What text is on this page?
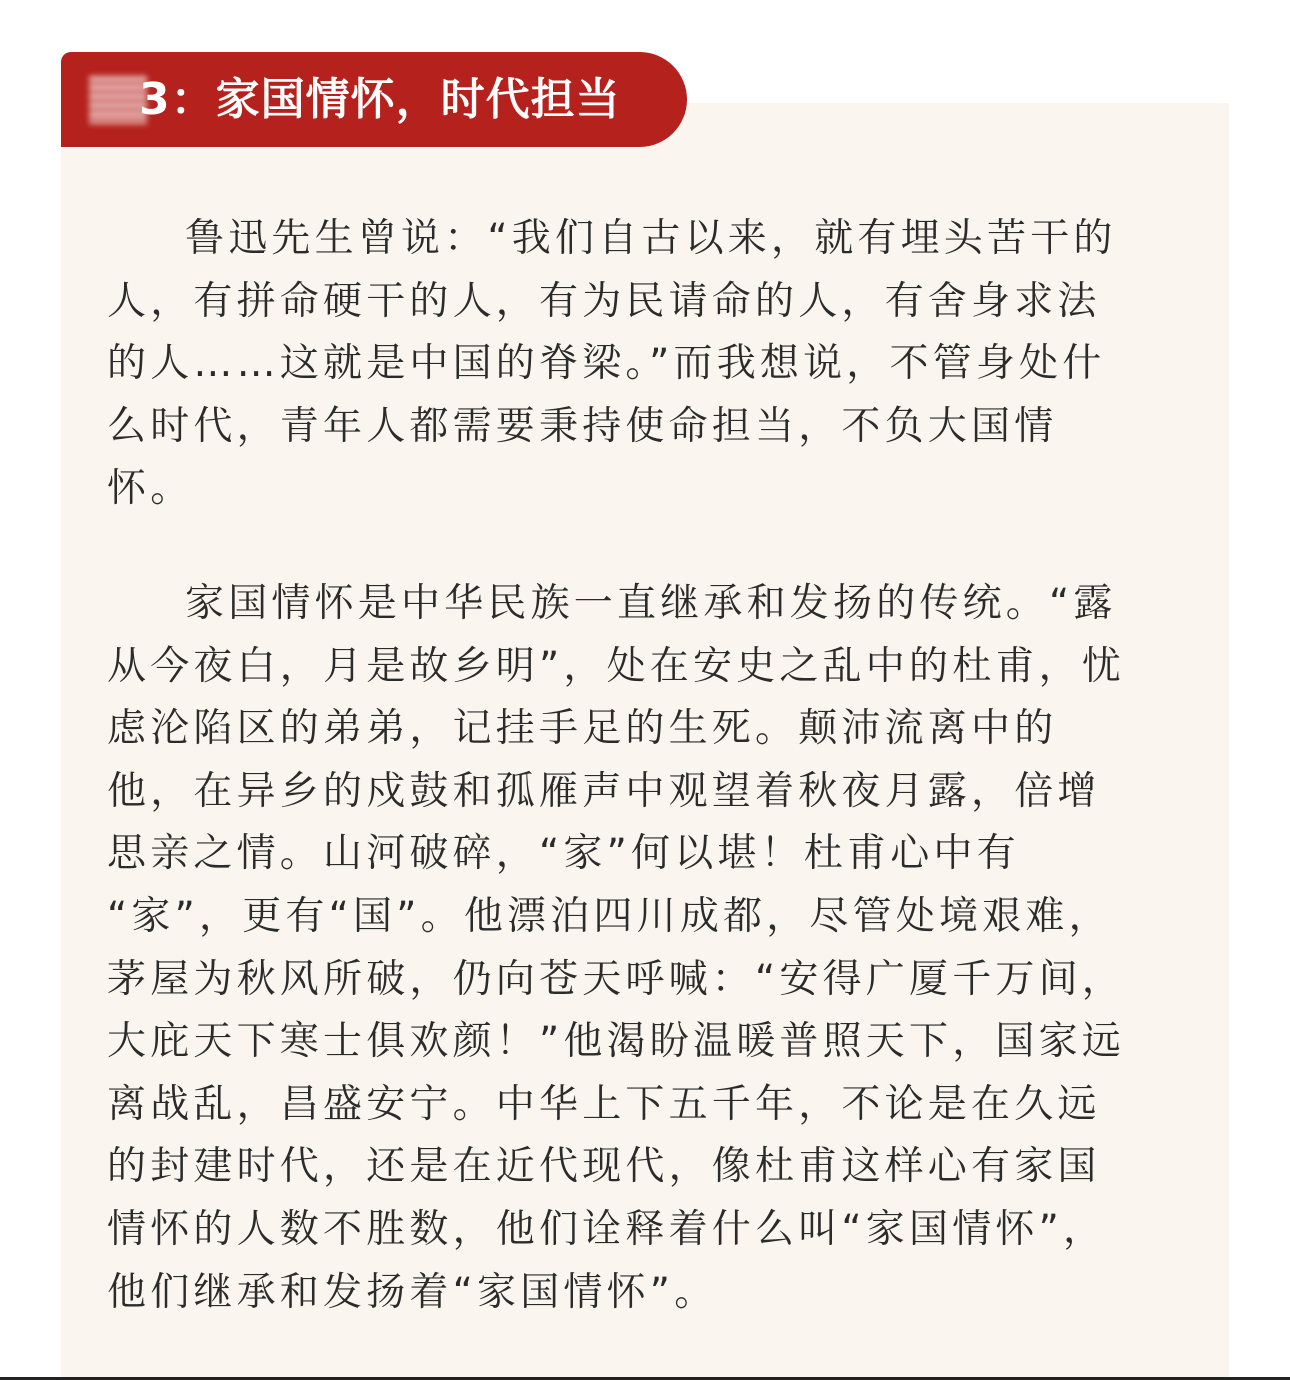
3：家国情怀，时代担当

鲁迅先生曾说：“我们自古以来，就有埋头苦干的
人，有拼命硬干的人，有为民请命的人，有舍身求法
的人……这就是中国的脊梁。”而我想说，不管身处什
么时代，青年人都需要秉持使命担当，不负大国情
怀。

家国情怀是中华民族一直继承和发扬的传统。“露
从今夜白，月是故乡明”，处在安史之乱中的杜甫，忧
虑沦陷区的弟弟，记挂手足的生死。颠沛流离中的
他，在异乡的戍鼓和孤雁声中观望着秋夜月露，倍增
思亲之情。山河破碎，“家”何以堪！杜甫心中有
“家”，更有“国”。他漂泊四川成都，尽管处境艰难，
茅屋为秋风所破，仍向苍天呼喊：“安得广厦千万间，
大庇天下寒士俱欢颜！”他渴盼温暖普照天下，国家远
离战乱，昌盛安宁。中华上下五千年，不论是在久远
的封建时代，还是在近代现代，像杜甫这样心有家国
情怀的人数不胜数，他们诠释着什么叫“家国情怀”，
他们继承和发扬着“家国情怀”。
